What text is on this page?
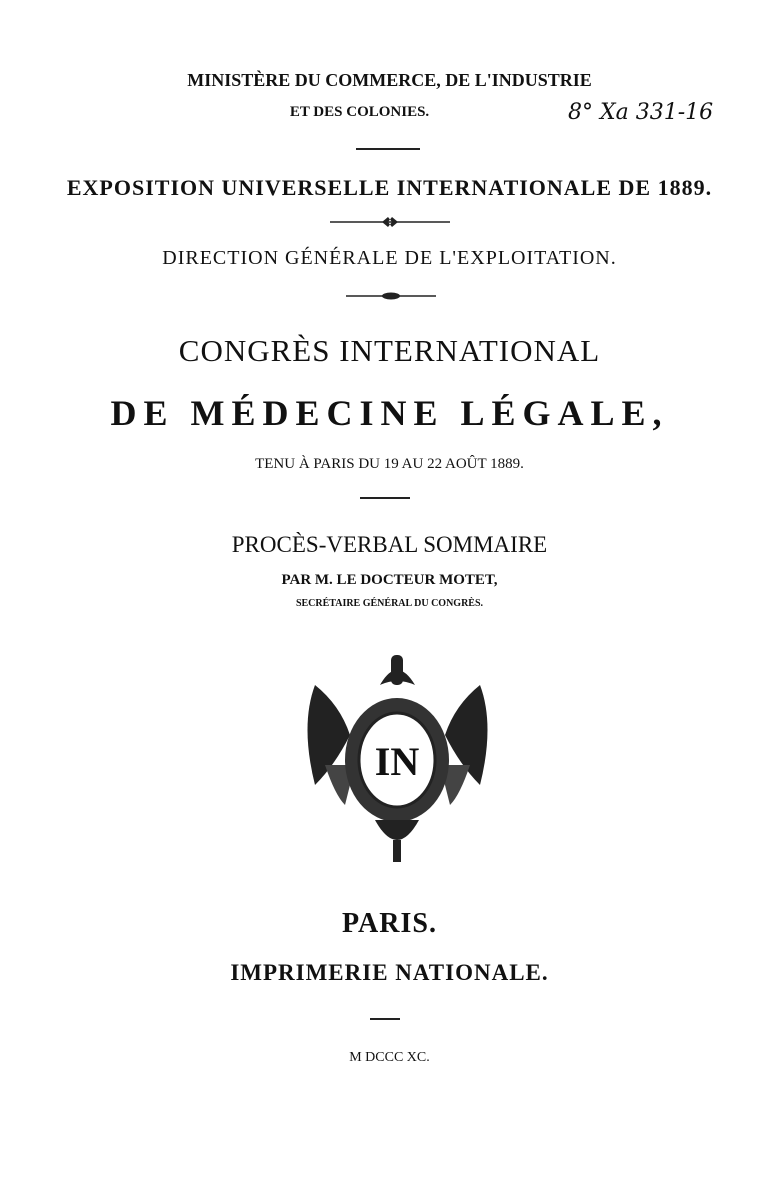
MINISTÈRE DU COMMERCE, DE L'INDUSTRIE
ET DES COLONIES.	8° Xa 331-16
EXPOSITION UNIVERSELLE INTERNATIONALE DE 1889.
DIRECTION GÉNÉRALE DE L'EXPLOITATION.
CONGRÈS INTERNATIONAL
DE MÉDECINE LÉGALE,
TENU À PARIS DU 19 AU 22 AOÛT 1889.
PROCÈS-VERBAL SOMMAIRE
PAR M. LE DOCTEUR MOTET,
SECRÉTAIRE GÉNÉRAL DU CONGRÈS.
IN
PARIS.
IMPRIMERIE NATIONALE.
M DCCC XC.
